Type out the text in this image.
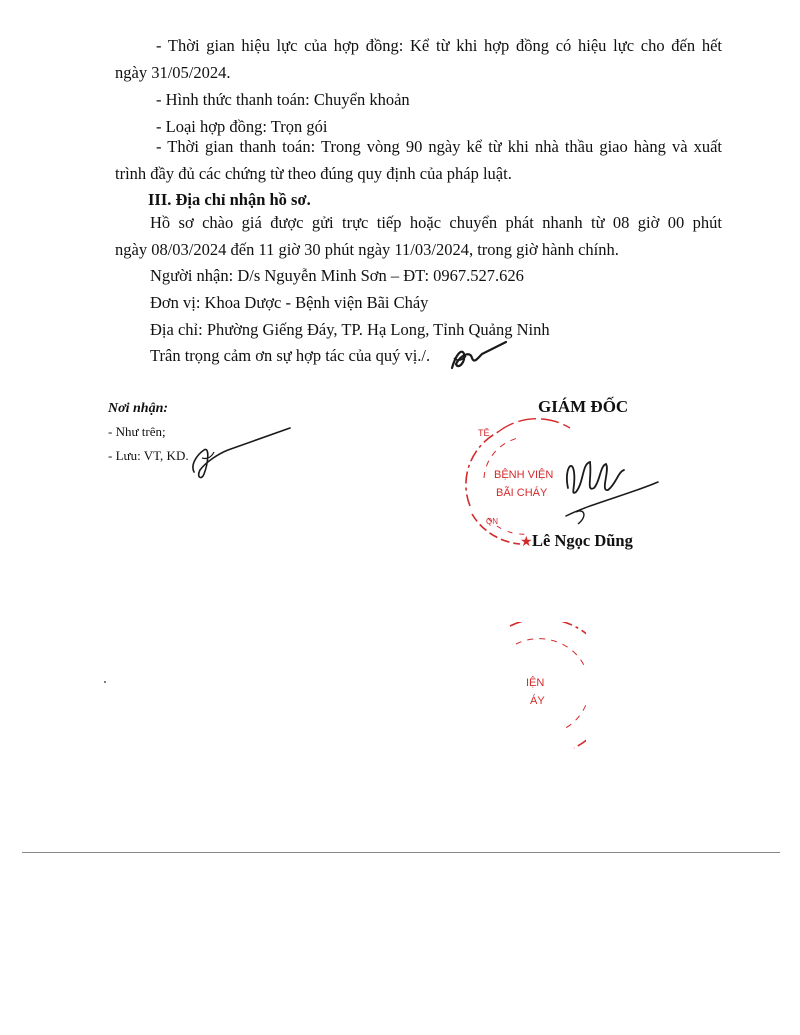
- Thời gian hiệu lực của hợp đồng: Kể từ khi hợp đồng có hiệu lực cho đến hết
ngày 31/05/2024.
- Hình thức thanh toán: Chuyển khoản
- Loại hợp đồng: Trọn gói
- Thời gian thanh toán: Trong vòng 90 ngày kể từ khi nhà thầu giao hàng và xuất
trình đầy đủ các chứng từ theo đúng quy định của pháp luật.
III. Địa chỉ nhận hồ sơ.
Hồ sơ chào giá được gửi trực tiếp hoặc chuyển phát nhanh từ 08 giờ 00 phút
ngày 08/03/2024 đến 11 giờ 30 phút ngày 11/03/2024, trong giờ hành chính.
Người nhận: D/s Nguyễn Minh Sơn – ĐT: 0967.527.626
Đơn vị: Khoa Dược - Bệnh viện Bãi Cháy
Địa chỉ: Phường Giếng Đáy, TP. Hạ Long, Tỉnh Quảng Ninh
Trân trọng cảm ơn sự hợp tác của quý vị./.
Nơi nhận:
- Như trên;
- Lưu: VT, KD.
GIÁM ĐỐC
TÊ
QN
BỆNH VIỆN
BÃI CHÁY
★ Lê Ngọc Dũng
IỆN
ÁY
